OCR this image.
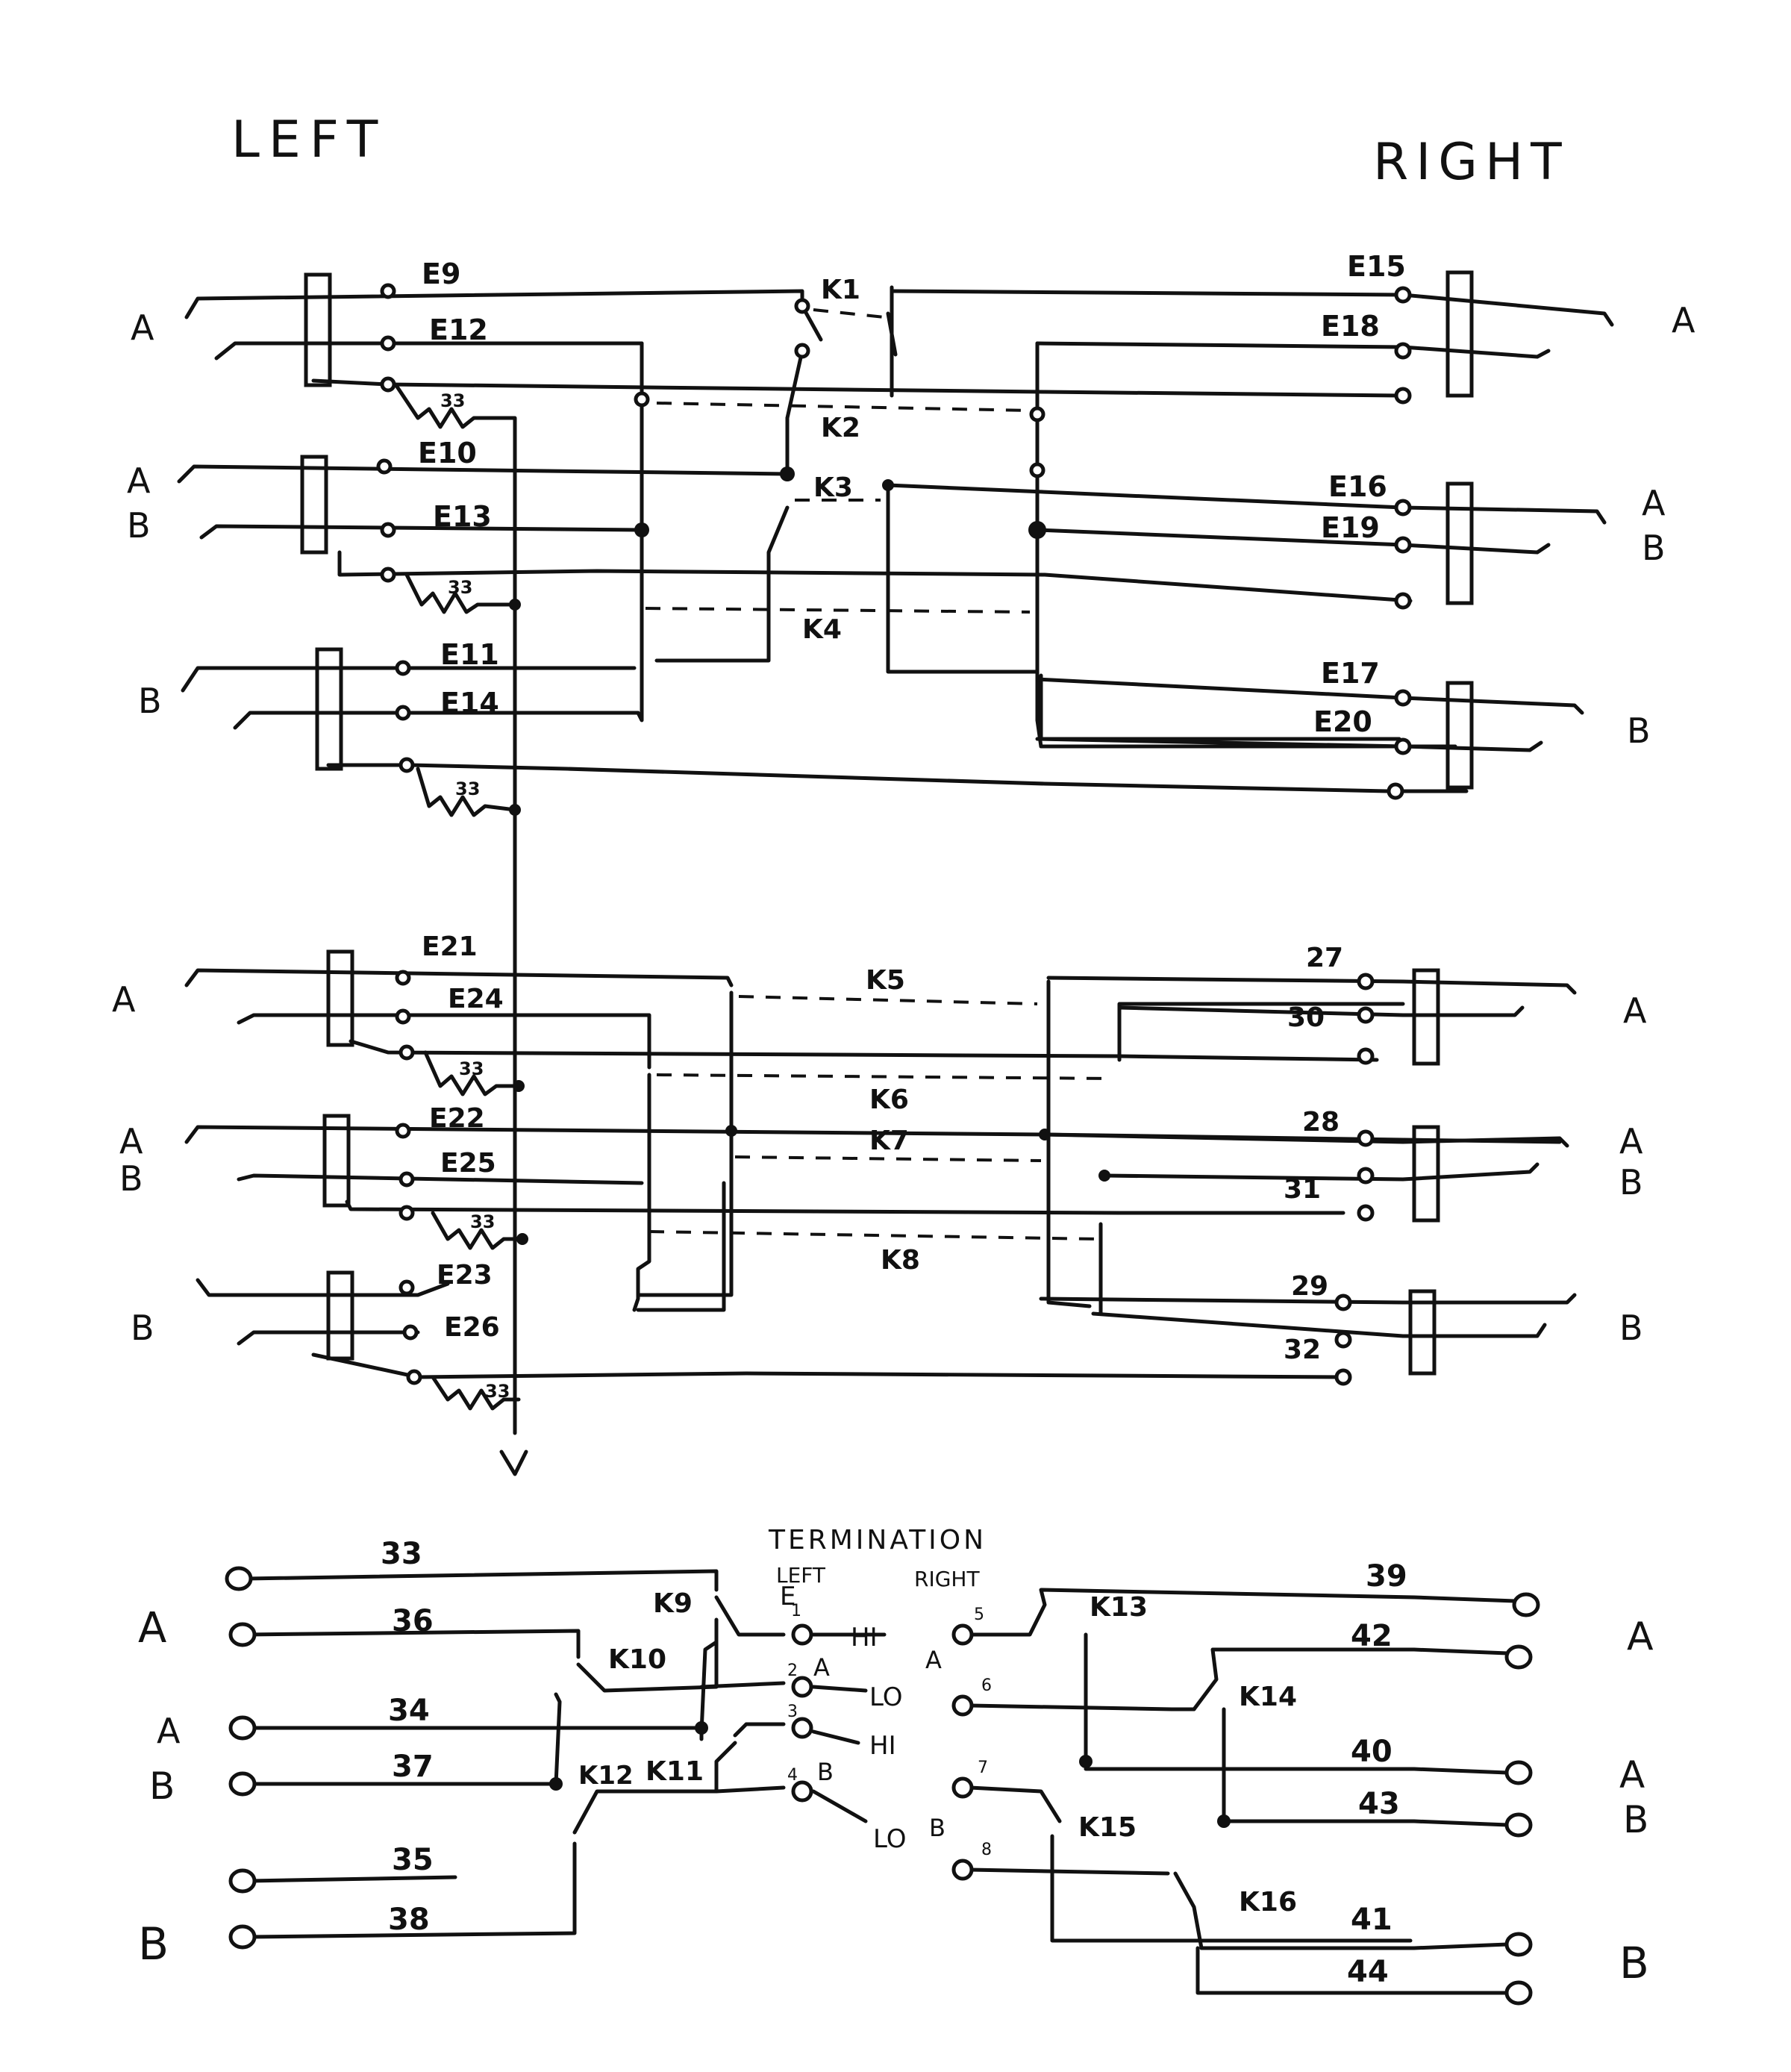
LEFT	RIGHT
A
A
B
B
A
A
B
B
E9
E12
E10
E13
E11
E14
E15
E18
E16
E19
E17
E20
33
33
33
K1
K2
K3
K4
A
A
B
B
A
A
B
B
E21
E24
E22
E25
E23
E26
27
30
28
31
29
32
33
33
33
K5
K6
K7
K8
TERMINATION
LEFT	RIGHT
A
A
B
B
A
A
B
B
33
36
34
37
35
38
39
42
40
43
41
44
K9
K10
K11
K12
K13
K14
K15
K16
HI
LO
HI
LO
1
2
3
4
5
6
7
8
E
A
B
A
B
